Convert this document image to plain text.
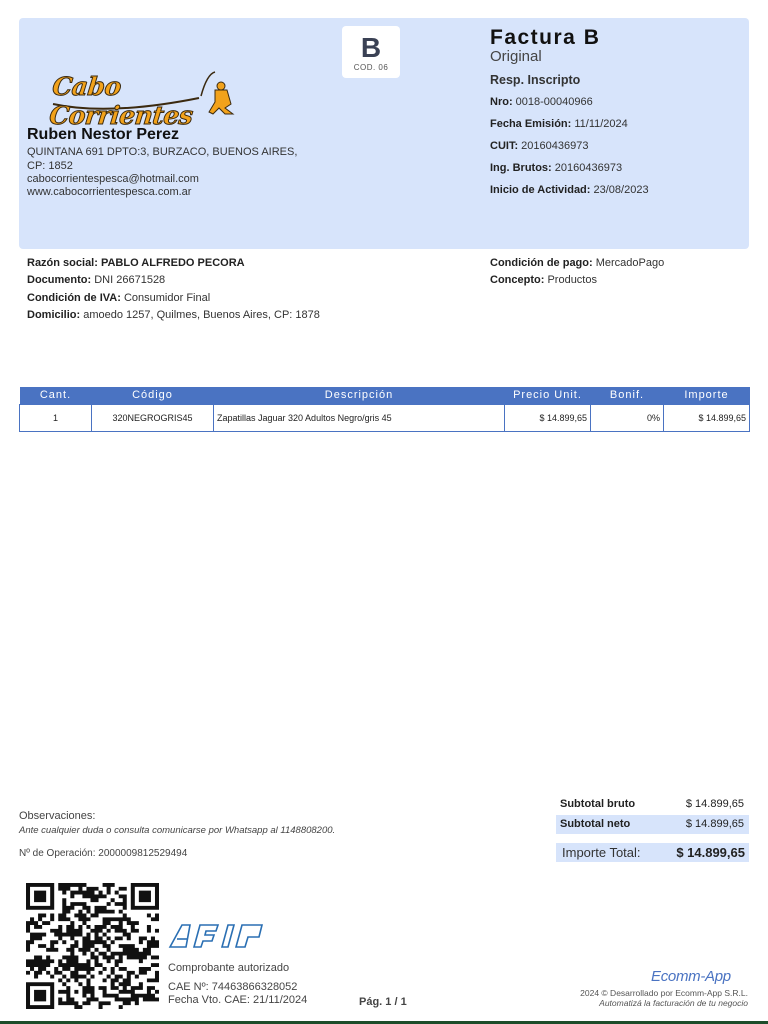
Cabo Corrientes
Ruben Nestor Perez
QUINTANA 691 DPTO:3, BURZACO, BUENOS AIRES,
CP: 1852
cabocorrientespesca@hotmail.com
www.cabocorrientespesca.com.ar
Factura B
Original
Resp. Inscripto
Nro: 0018-00040966
Fecha Emisión: 11/11/2024
CUIT: 20160436973
Ing. Brutos: 20160436973
Inicio de Actividad: 23/08/2023
B
COD. 06
Razón social: PABLO ALFREDO PECORA
Documento: DNI 26671528
Condición de IVA: Consumidor Final
Domicilio: amoedo 1257, Quilmes, Buenos Aires, CP: 1878
Condición de pago: MercadoPago
Concepto: Productos
Cant.	Código	Descripción	Precio Unit.	Bonif.	Importe
1	320NEGROGRIS45	Zapatillas Jaguar 320 Adultos Negro/gris 45	$ 14.899,65	0%	$ 14.899,65
Observaciones:
Ante cualquier duda o consulta comunicarse por Whatsapp al 1148808200.
Nº de Operación: 2000009812529494
Subtotal bruto	$ 14.899,65
Subtotal neto	$ 14.899,65
Importe Total:	$ 14.899,65
AFIP
Comprobante autorizado
CAE Nº: 74463866328052
Fecha Vto. CAE: 21/11/2024	Pág. 1 / 1
Ecomm-App
2024 © Desarrollado por Ecomm-App S.R.L.
Automatizá la facturación de tu negocio
